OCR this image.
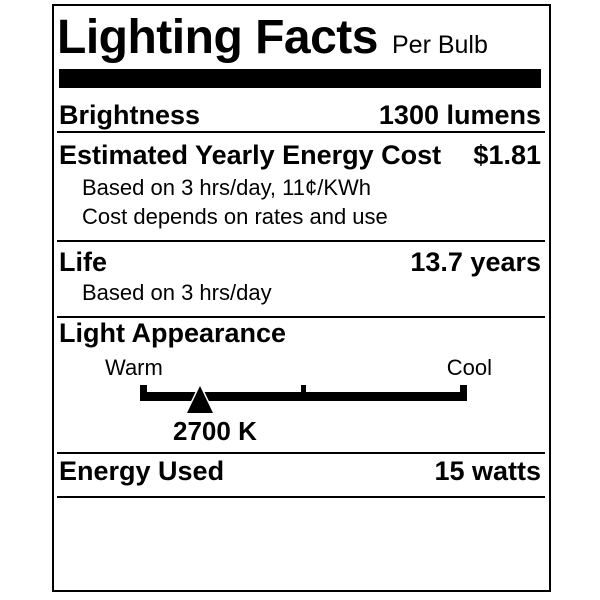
Lighting Facts Per Bulb
Brightness	1300 lumens
Estimated Yearly Energy Cost $1.81
Based on 3 hrs/day, 11¢/KWh
Cost depends on rates and use
Life	13.7 years
Based on 3 hrs/day
Light Appearance
Warm	Cool
2700 K
Energy Used	15 watts
